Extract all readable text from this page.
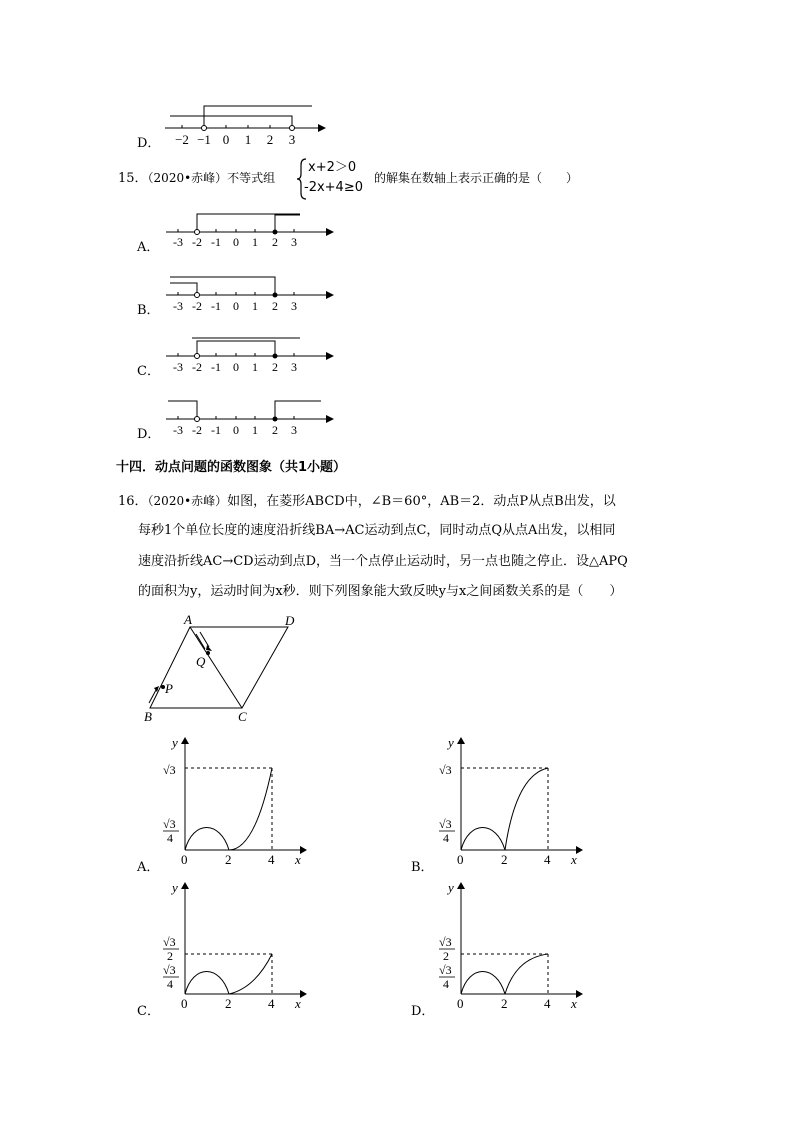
D． −2 −1 0 1 2 3
15．（2020•赤峰）不等式组
x+2＞0
-2x+4≥0
的解集在数轴上表示正确的是（　　）
A． -3 -2 -1 0 1 2 3
B． -3 -2 -1 0 1 2 3
C． -3 -2 -1 0 1 2 3
D． -3 -2 -1 0 1 2 3
十四．动点问题的函数图象（共1小题）
16．（2020•赤峰）如图，在菱形ABCD中，∠B＝60°，AB＝2．动点P从点B出发，以
每秒1个单位长度的速度沿折线BA→AC运动到点C，同时动点Q从点A出发，以相同
速度沿折线AC→CD运动到点D，当一个点停止运动时，另一点也随之停止．设△APQ
的面积为y，运动时间为x秒．则下列图象能大致反映y与x之间函数关系的是（　　）
A	D
Q
P
B	C
A．
y
x
0	2	4
√3
√3
4
B．
y
x
0	2	4
√3
√3
4
C．
y
x
0	2	4
√3
2
√3
4
D．
y
x
0	2	4
√3
2
√3
4
